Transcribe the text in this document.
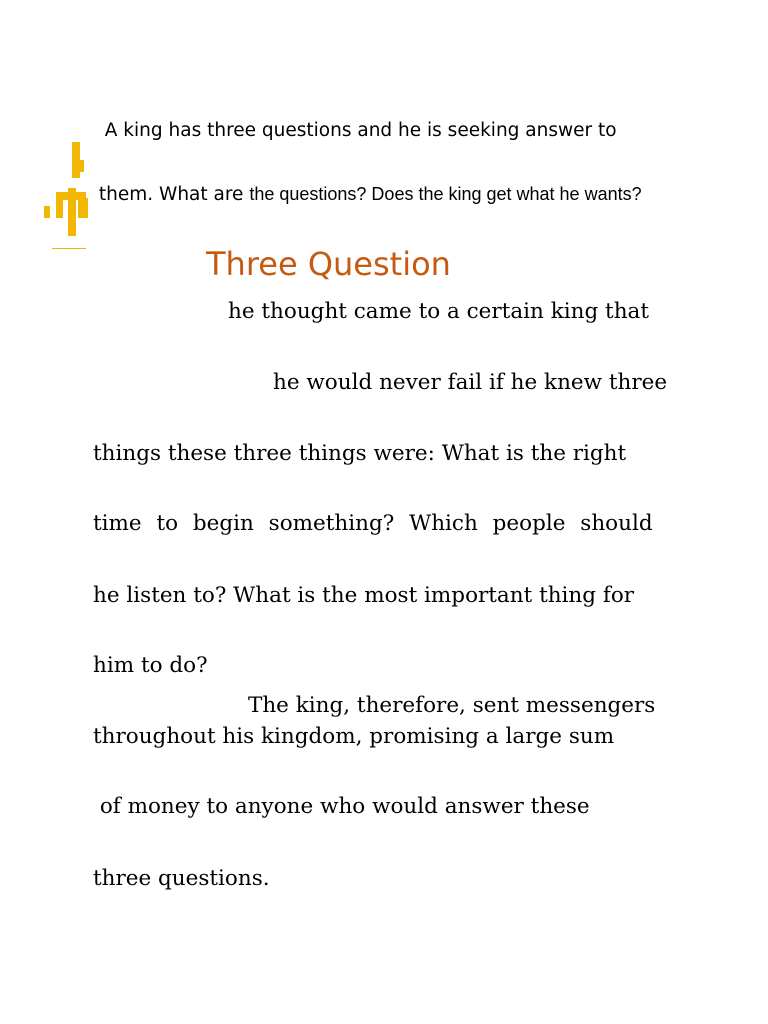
A king has three questions and he is seeking answer to

them. What are the questions? Does the king get what he wants?

Three Question

he thought came to a certain king that

he would never fail if he knew three

things these three things were: What is the right

time to begin something? Which people should

he listen to? What is the most important thing for

him to do?

The king, therefore, sent messengers throughout his kingdom, promising a large sum

of money to anyone who would answer these

three questions.
